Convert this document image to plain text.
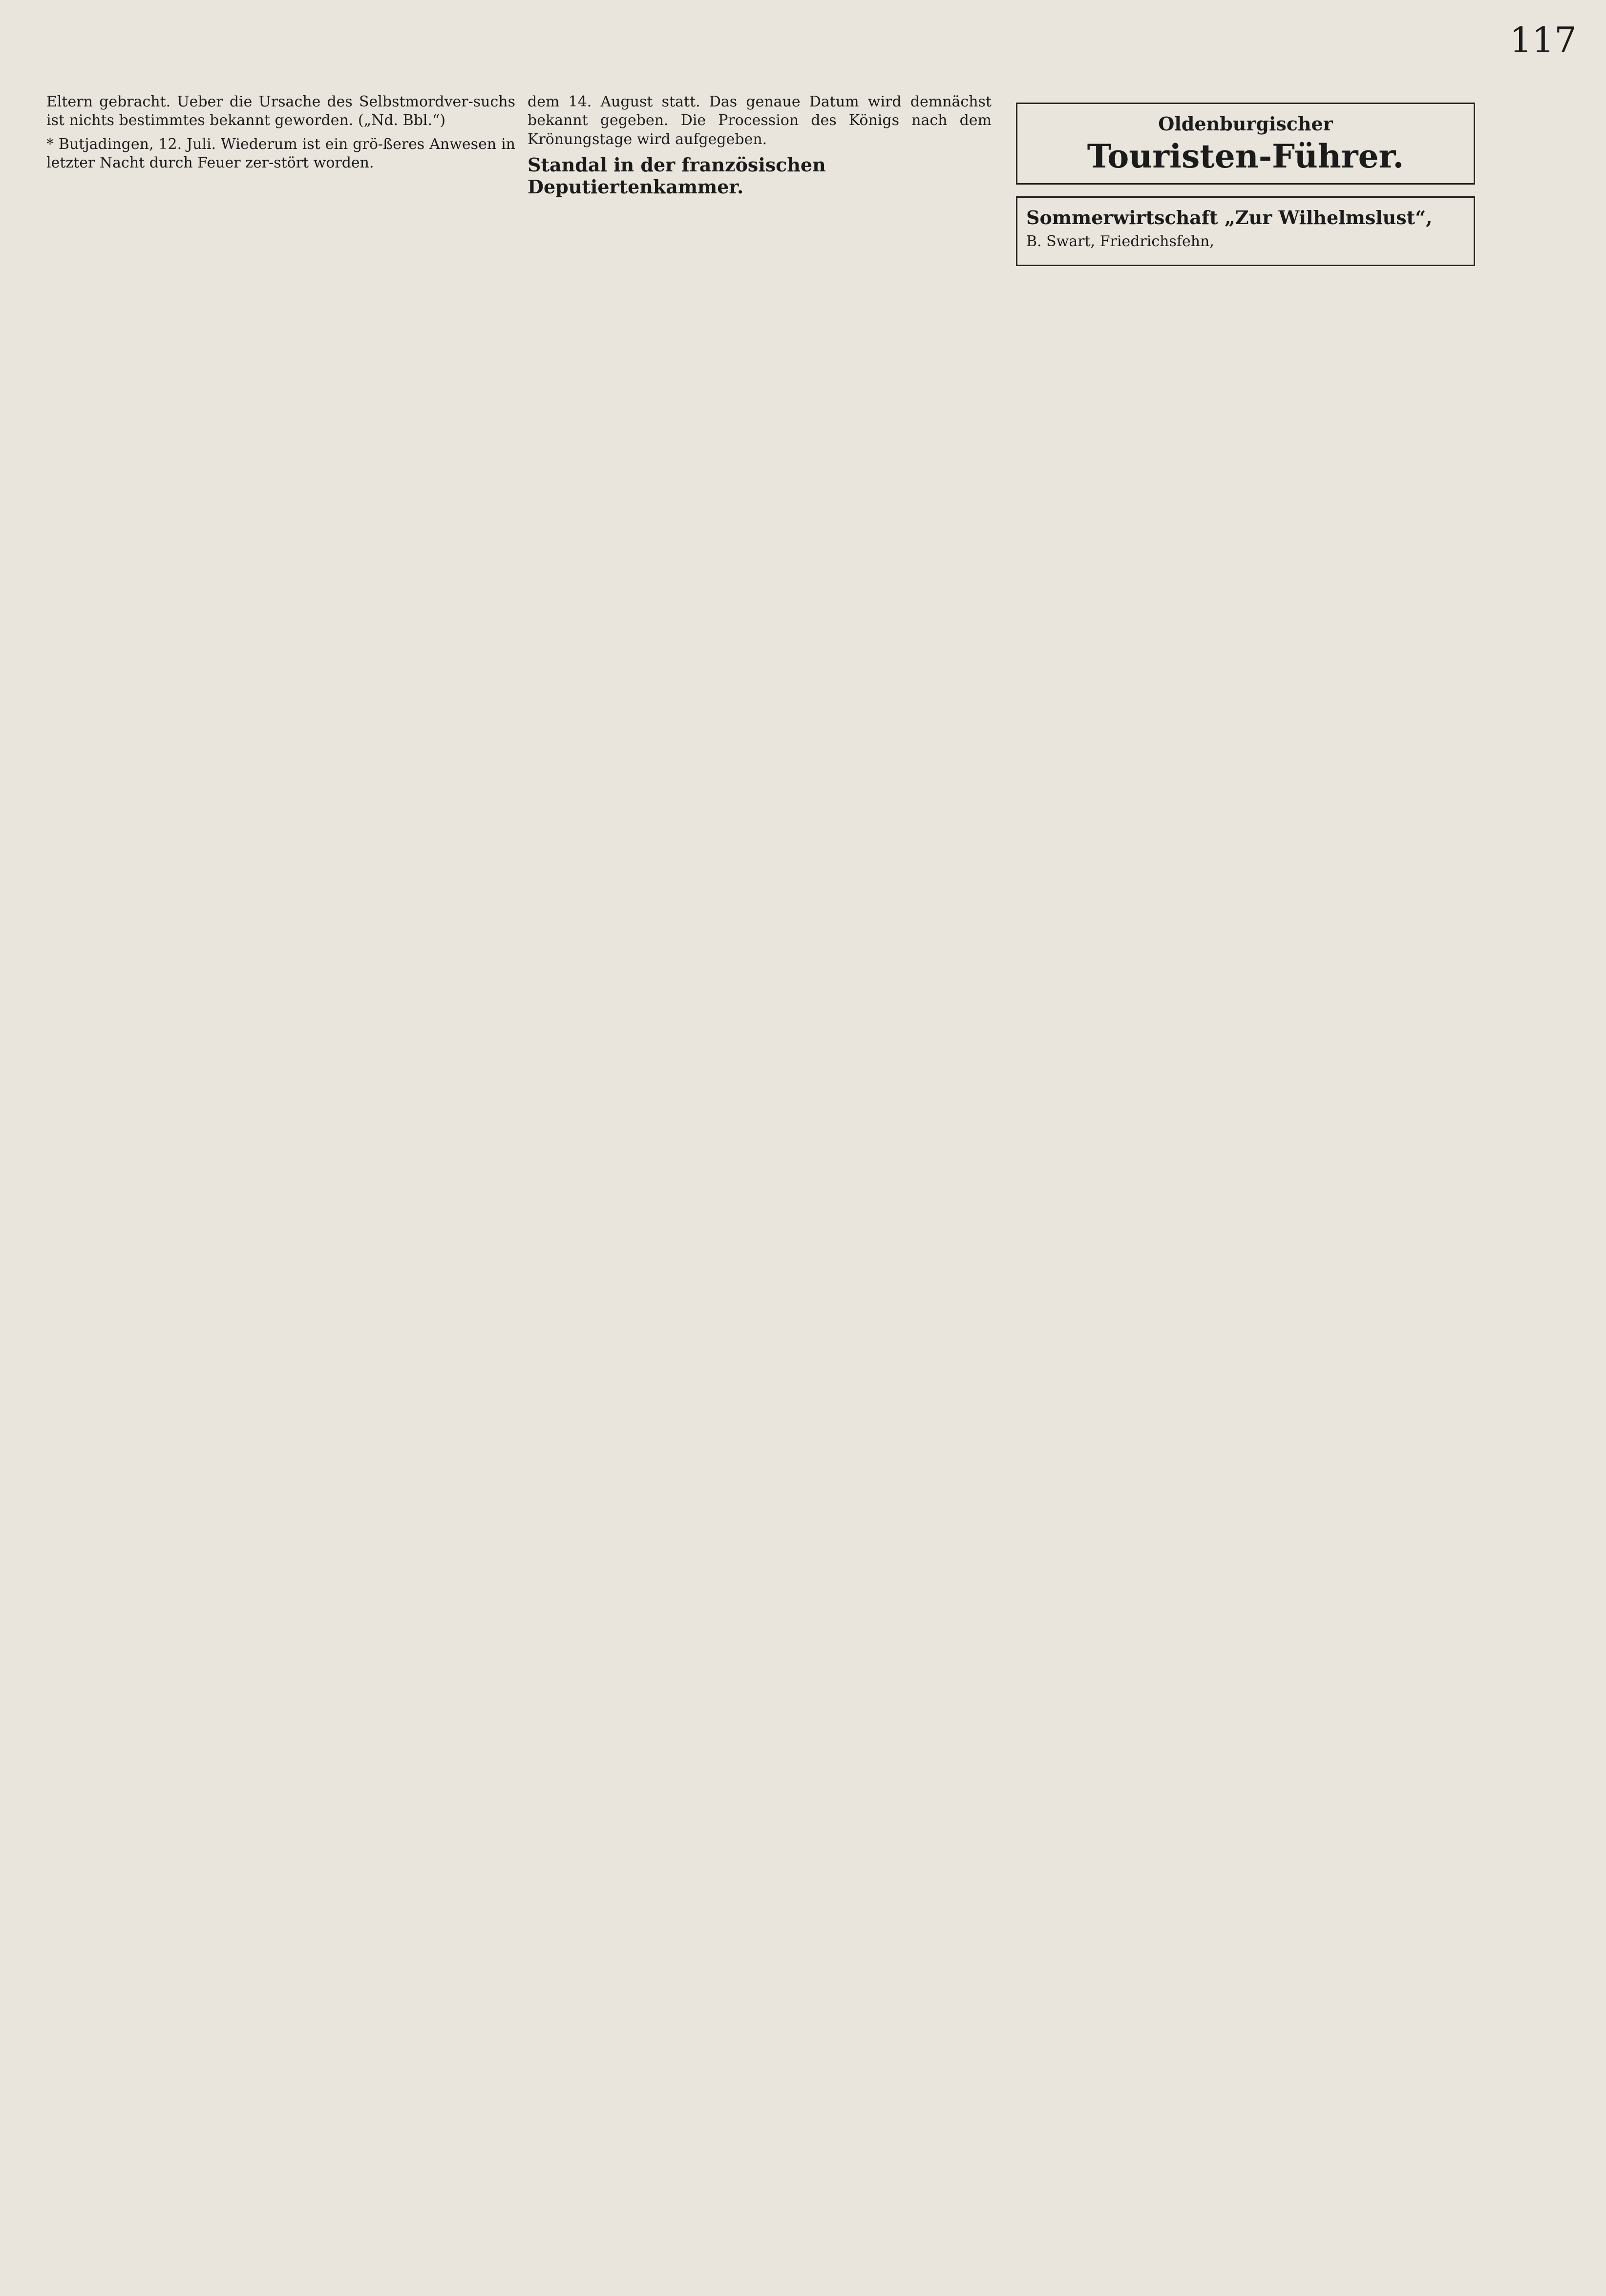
117

Eltern gebracht. Ueber die Ursache des Selbstmordver-suchs ist nichts bestimmtes bekannt geworden. („Nd. Bbl.“)

* Butjadingen, 12. Juli. Wiederum ist ein grö-ßeres Anwesen in letzter Nacht durch Feuer zer-stört worden.

dem 14. August statt. Das genaue Datum wird demnächst bekannt gegeben. Die Procession des Königs nach dem Krönungstage wird aufgegeben.

Standal in der französischen Deputiertenkammer.
Oldenburgischer
Touristen-Führer.
Sommerwirtschaft „Zur Wilhelmslust“,
B. Swart, Friedrichsfehn,
